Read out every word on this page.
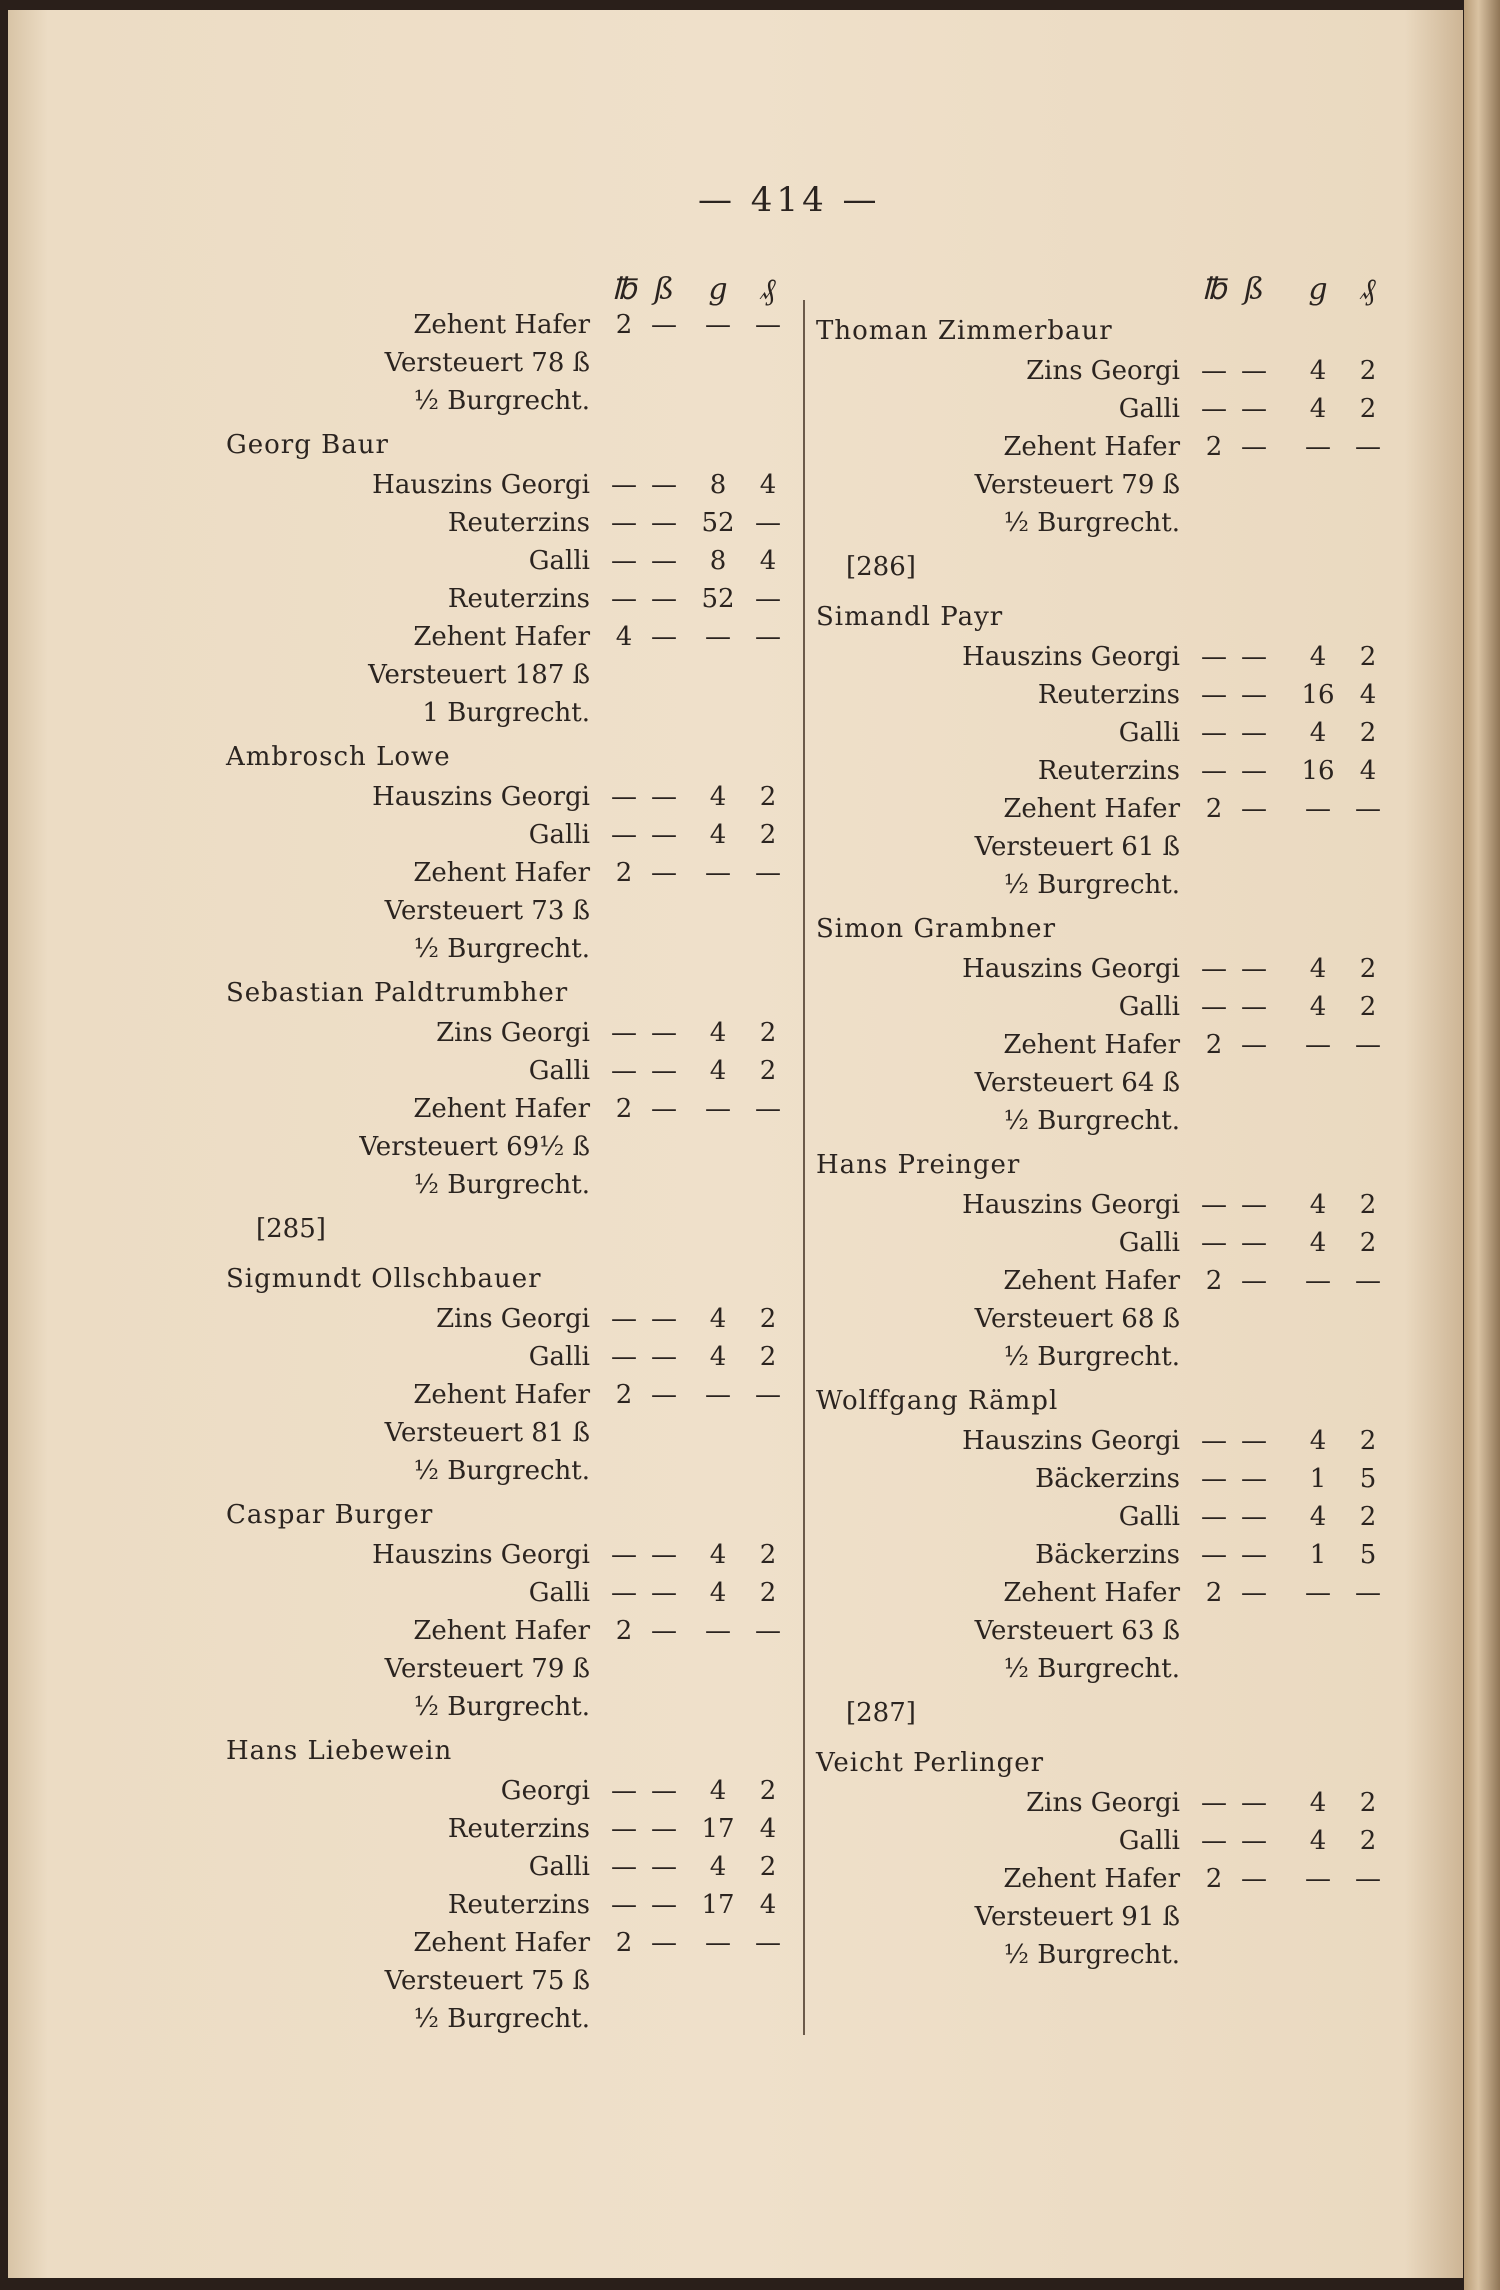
— 414 —
℔ ß g	₰
Zehent Hafer 2 — — —
Versteuert 78 ß
½ Burgrecht.
Georg Baur
Hauszins Georgi — —	8	4
Reuterzins — — 52 —
Galli — —	8	4
Reuterzins — — 52 —
Zehent Hafer 4 — — —
Versteuert 187 ß
1 Burgrecht.
Ambrosch Lowe
Hauszins Georgi — —	4	2
Galli — —	4	2
Zehent Hafer 2 — — —
Versteuert 73 ß
½ Burgrecht.
Sebastian Paldtrumbher
Zins Georgi — —	4	2
Galli — —	4	2
Zehent Hafer 2 — — —
Versteuert 69½ ß
½ Burgrecht.
[285]
Sigmundt Ollschbauer
Zins Georgi — —	4	2
Galli — —	4	2
Zehent Hafer 2 — — —
Versteuert 81 ß
½ Burgrecht.
Caspar Burger
Hauszins Georgi — —	4	2
Galli — —	4	2
Zehent Hafer 2 — — —
Versteuert 79 ß
½ Burgrecht.
Hans Liebewein
Georgi — —	4	2
Reuterzins — — 17 4
Galli — —	4	2
Reuterzins — — 17 4
Zehent Hafer 2 — — —
Versteuert 75 ß
½ Burgrecht.
℔ ß g	₰
Thoman Zimmerbaur
Zins Georgi — —	4	2
Galli — —	4	2
Zehent Hafer 2 — — —
Versteuert 79 ß
½ Burgrecht.
[286]
Simandl Payr
Hauszins Georgi — —	4	2
Reuterzins — — 16 4
Galli — —	4	2
Reuterzins — — 16 4
Zehent Hafer 2 — — —
Versteuert 61 ß
½ Burgrecht.
Simon Grambner
Hauszins Georgi — —	4	2
Galli — —	4	2
Zehent Hafer 2 — — —
Versteuert 64 ß
½ Burgrecht.
Hans Preinger
Hauszins Georgi — —	4	2
Galli — —	4	2
Zehent Hafer 2 — — —
Versteuert 68 ß
½ Burgrecht.
Wolffgang Rämpl
Hauszins Georgi — —	4	2
Bäckerzins — —	1	5
Galli — —	4	2
Bäckerzins — —	1	5
Zehent Hafer 2 — — —
Versteuert 63 ß
½ Burgrecht.
[287]
Veicht Perlinger
Zins Georgi — —	4	2
Galli — —	4	2
Zehent Hafer 2 — — —
Versteuert 91 ß
½ Burgrecht.
